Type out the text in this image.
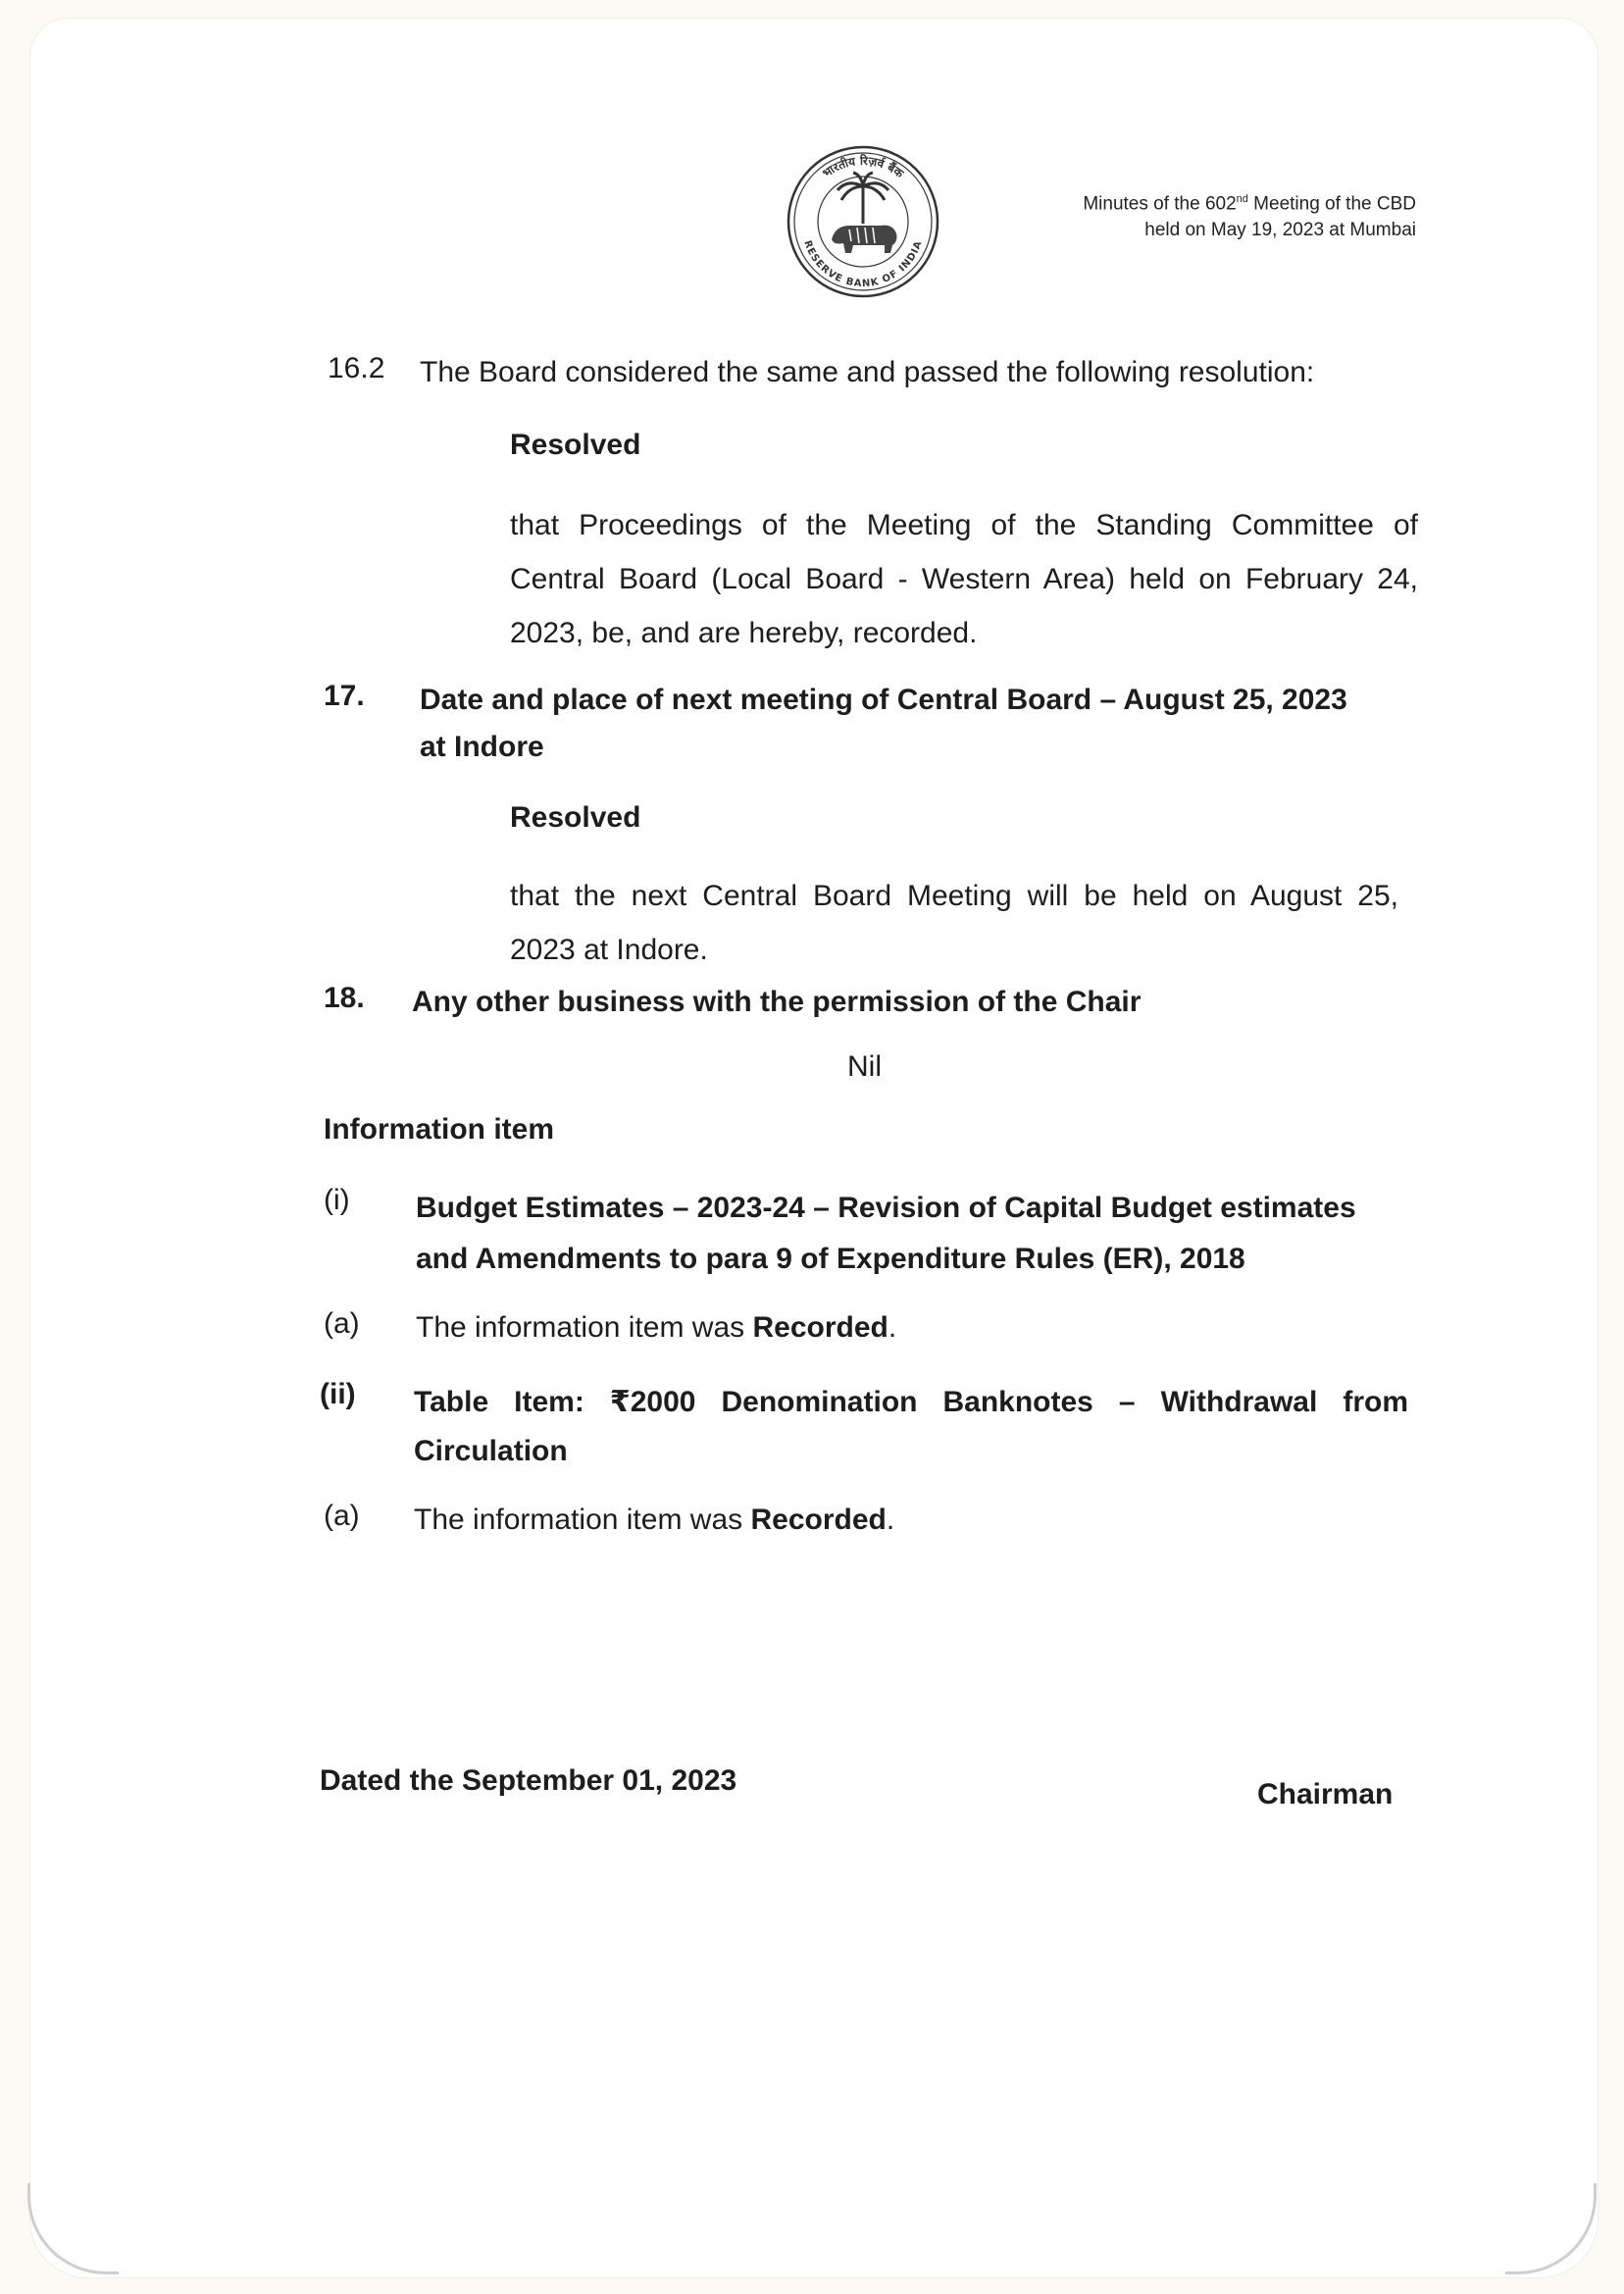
भारतीय रिज़र्व बैंक
RESERVE BANK OF INDIA
Minutes of the 602nd Meeting of the CBD
held on May 19, 2023 at Mumbai
16.2 The Board considered the same and passed the following resolution:
Resolved
that Proceedings of the Meeting of the Standing Committee of
Central Board (Local Board - Western Area) held on February 24,
2023, be, and are hereby, recorded.
17. Date and place of next meeting of Central Board – August 25, 2023
at Indore
Resolved
that the next Central Board Meeting will be held on August 25,
2023 at Indore.
18. Any other business with the permission of the Chair
Nil
Information item
(i) Budget Estimates – 2023-24 – Revision of Capital Budget estimates
and Amendments to para 9 of Expenditure Rules (ER), 2018
(a) The information item was Recorded.
(ii) Table Item: ₹2000 Denomination Banknotes – Withdrawal from
Circulation
(a) The information item was Recorded.
Dated the September 01, 2023	Chairman
